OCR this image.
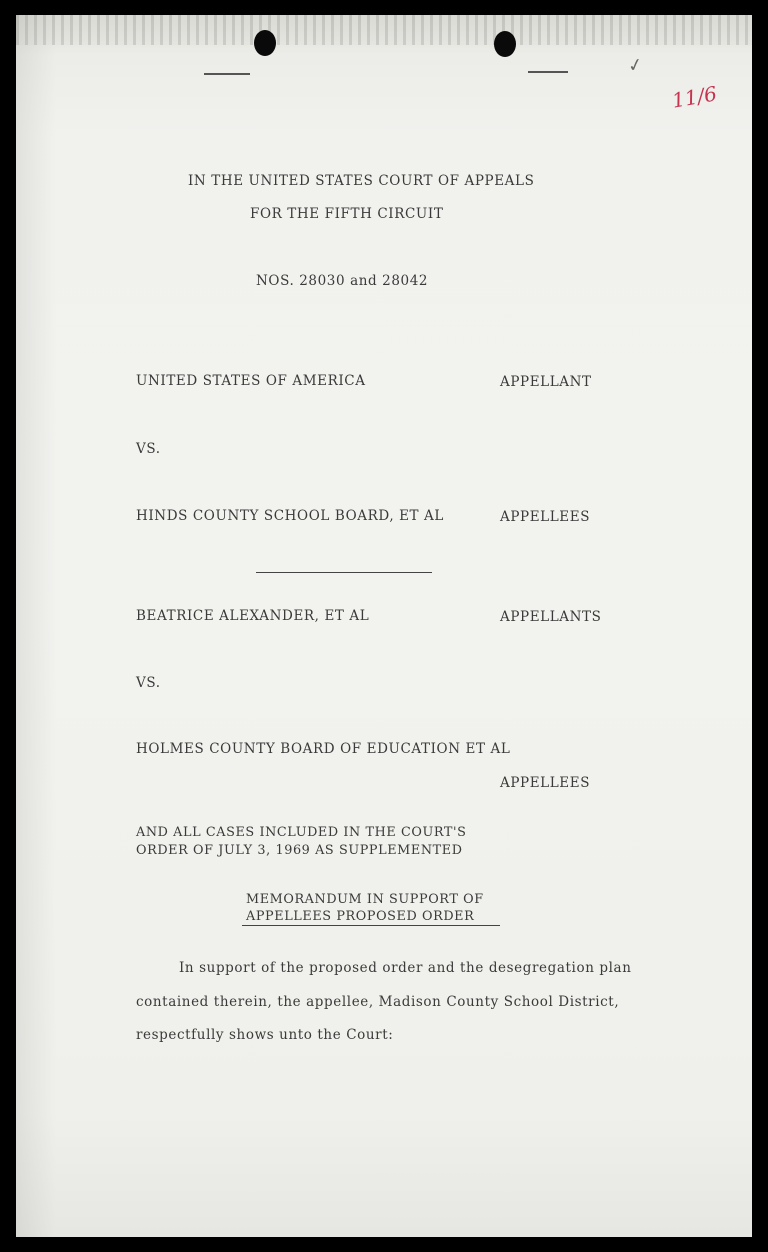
✓
11/6
IN THE UNITED STATES COURT OF APPEALS
FOR THE FIFTH CIRCUIT
NOS. 28030 and 28042
UNITED STATES OF AMERICA	APPELLANT
VS.
HINDS COUNTY SCHOOL BOARD, ET AL	APPELLEES
BEATRICE ALEXANDER, ET AL	APPELLANTS
VS.
HOLMES COUNTY BOARD OF EDUCATION ET AL
APPELLEES
AND ALL CASES INCLUDED IN THE COURT'S
ORDER OF JULY 3, 1969 AS SUPPLEMENTED
MEMORANDUM IN SUPPORT OF
APPELLEES PROPOSED ORDER
In support of the proposed order and the desegregation plan
contained therein, the appellee, Madison County School District,
respectfully shows unto the Court:
